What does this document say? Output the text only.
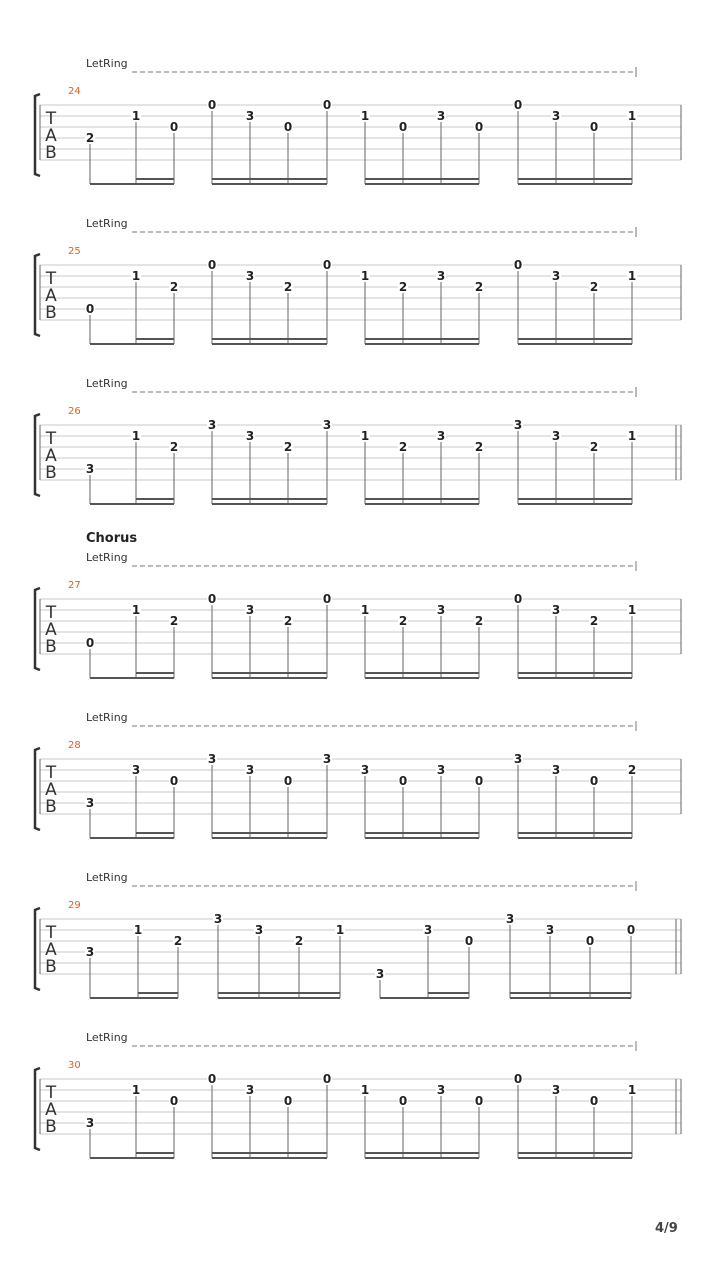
LetRing
24
T
A
B
2
1
0
0
3
0
0
1
0
3
0
0
3
0
1
LetRing
25
T
A
B 0
1
2
0
3
2
0
1
2
3
2
0
3
2
1
LetRing
26
T
A
B 3
1
2
3
3
2
3
1
2
3
2
3
3
2
1
Chorus
LetRing
27
T
A
B 0
1
2
0
3
2
0
1
2
3
2
0
3
2
1
LetRing
28
T
A
B 3
3
0
3
3
0
3
3
0
3
0
3
3
0
2
LetRing
29
T
A
B
3
1
2
3
3
2
1
3
3
0
3
3
0
0
LetRing
30
T
A
B 3
1
0
0
3
0
0
1
0
3
0
0
3
0
1
4/9
